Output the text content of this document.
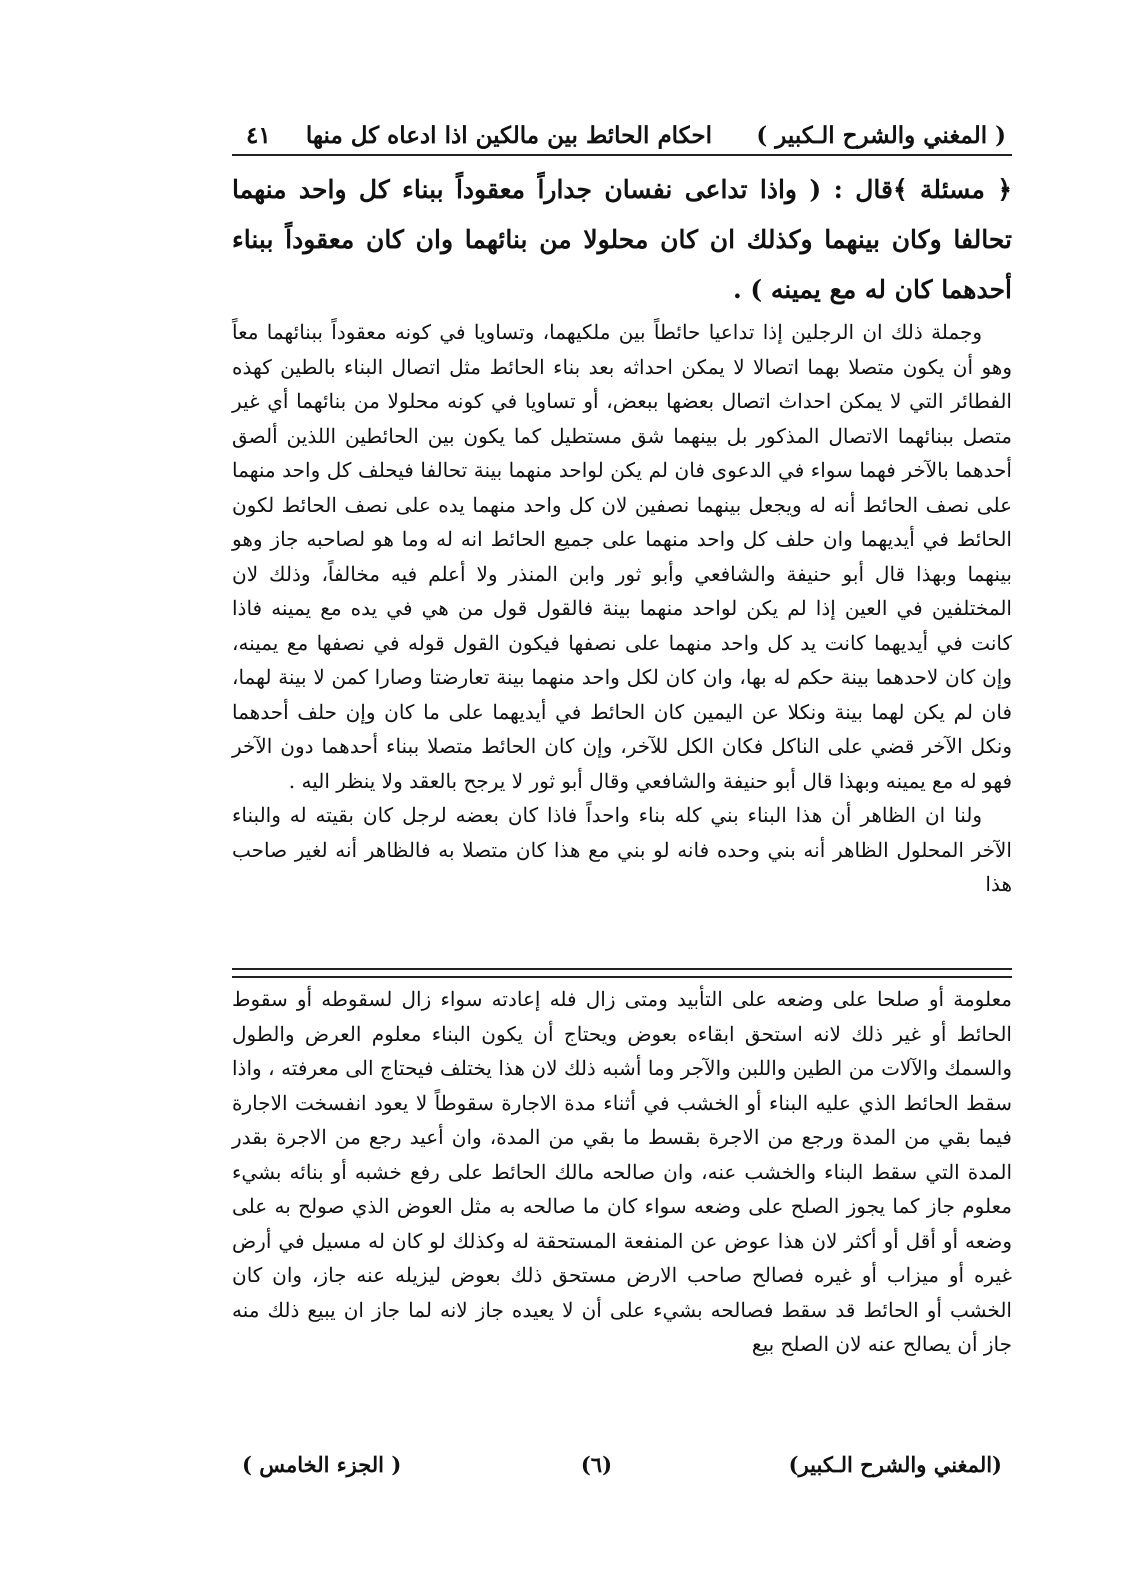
( المغني والشرح الـكبير )
احكام الحائط بين مالكين اذا ادعاه كل منها
٤١

﴿ مسئلة ﴾قال : ( واذا تداعى نفسان جداراً معقوداً ببناء كل واحد منهما تحالفا وكان بينهما وكذلك ان كان محلولا من بنائهما وان كان معقوداً ببناء أحدهما كان له مع يمينه ) .

وجملة ذلك ان الرجلين إذا تداعيا حائطاً بين ملكيهما، وتساويا في كونه معقوداً ببنائهما معاً وهو أن يكون متصلا بهما اتصالا لا يمكن احداثه بعد بناء الحائط مثل اتصال البناء بالطين كهذه الفطائر التي لا يمكن احداث اتصال بعضها ببعض، أو تساويا في كونه محلولا من بنائهما أي غير متصل ببنائهما الاتصال المذكور بل بينهما شق مستطيل كما يكون بين الحائطين اللذين ألصق أحدهما بالآخر فهما سواء في الدعوى فان لم يكن لواحد منهما بينة تحالفا فيحلف كل واحد منهما على نصف الحائط أنه له ويجعل بينهما نصفين لان كل واحد منهما يده على نصف الحائط لكون الحائط في أيديهما وان حلف كل واحد منهما على جميع الحائط انه له وما هو لصاحبه جاز وهو بينهما وبهذا قال أبو حنيفة والشافعي وأبو ثور وابن المنذر ولا أعلم فيه مخالفاً، وذلك لان المختلفين في العين إذا لم يكن لواحد منهما بينة فالقول قول من هي في يده مع يمينه فاذا كانت في أيديهما كانت يد كل واحد منهما على نصفها فيكون القول قوله في نصفها مع يمينه، وإن كان لاحدهما بينة حكم له بها، وان كان لكل واحد منهما بينة تعارضتا وصارا كمن لا بينة لهما، فان لم يكن لهما بينة ونكلا عن اليمين كان الحائط في أيديهما على ما كان وإن حلف أحدهما ونكل الآخر قضي على الناكل فكان الكل للآخر، وإن كان الحائط متصلا ببناء أحدهما دون الآخر فهو له مع يمينه وبهذا قال أبو حنيفة والشافعي وقال أبو ثور لا يرجح بالعقد ولا ينظر اليه .

ولنا ان الظاهر أن هذا البناء بني كله بناء واحداً فاذا كان بعضه لرجل كان بقيته له والبناء الآخر المحلول الظاهر أنه بني وحده فانه لو بني مع هذا كان متصلا به فالظاهر أنه لغير صاحب هذا

معلومة أو صلحا على وضعه على التأبيد ومتى زال فله إعادته سواء زال لسقوطه أو سقوط الحائط أو غير ذلك لانه استحق ابقاءه بعوض ويحتاج أن يكون البناء معلوم العرض والطول والسمك والآلات من الطين واللبن والآجر وما أشبه ذلك لان هذا يختلف فيحتاج الى معرفته ، واذا سقط الحائط الذي عليه البناء أو الخشب في أثناء مدة الاجارة سقوطاً لا يعود انفسخت الاجارة فيما بقي من المدة ورجع من الاجرة بقسط ما بقي من المدة، وان أعيد رجع من الاجرة بقدر المدة التي سقط البناء والخشب عنه، وان صالحه مالك الحائط على رفع خشبه أو بنائه بشيء معلوم جاز كما يجوز الصلح على وضعه سواء كان ما صالحه به مثل العوض الذي صولح به على وضعه أو أقل أو أكثر لان هذا عوض عن المنفعة المستحقة له وكذلك لو كان له مسيل في أرض غيره أو ميزاب أو غيره فصالح صاحب الارض مستحق ذلك بعوض ليزيله عنه جاز، وان كان الخشب أو الحائط قد سقط فصالحه بشيء على أن لا يعيده جاز لانه لما جاز ان يبيع ذلك منه جاز أن يصالح عنه لان الصلح بيع

(المغني والشرح الـكبير)
(٦)
( الجزء الخامس )
